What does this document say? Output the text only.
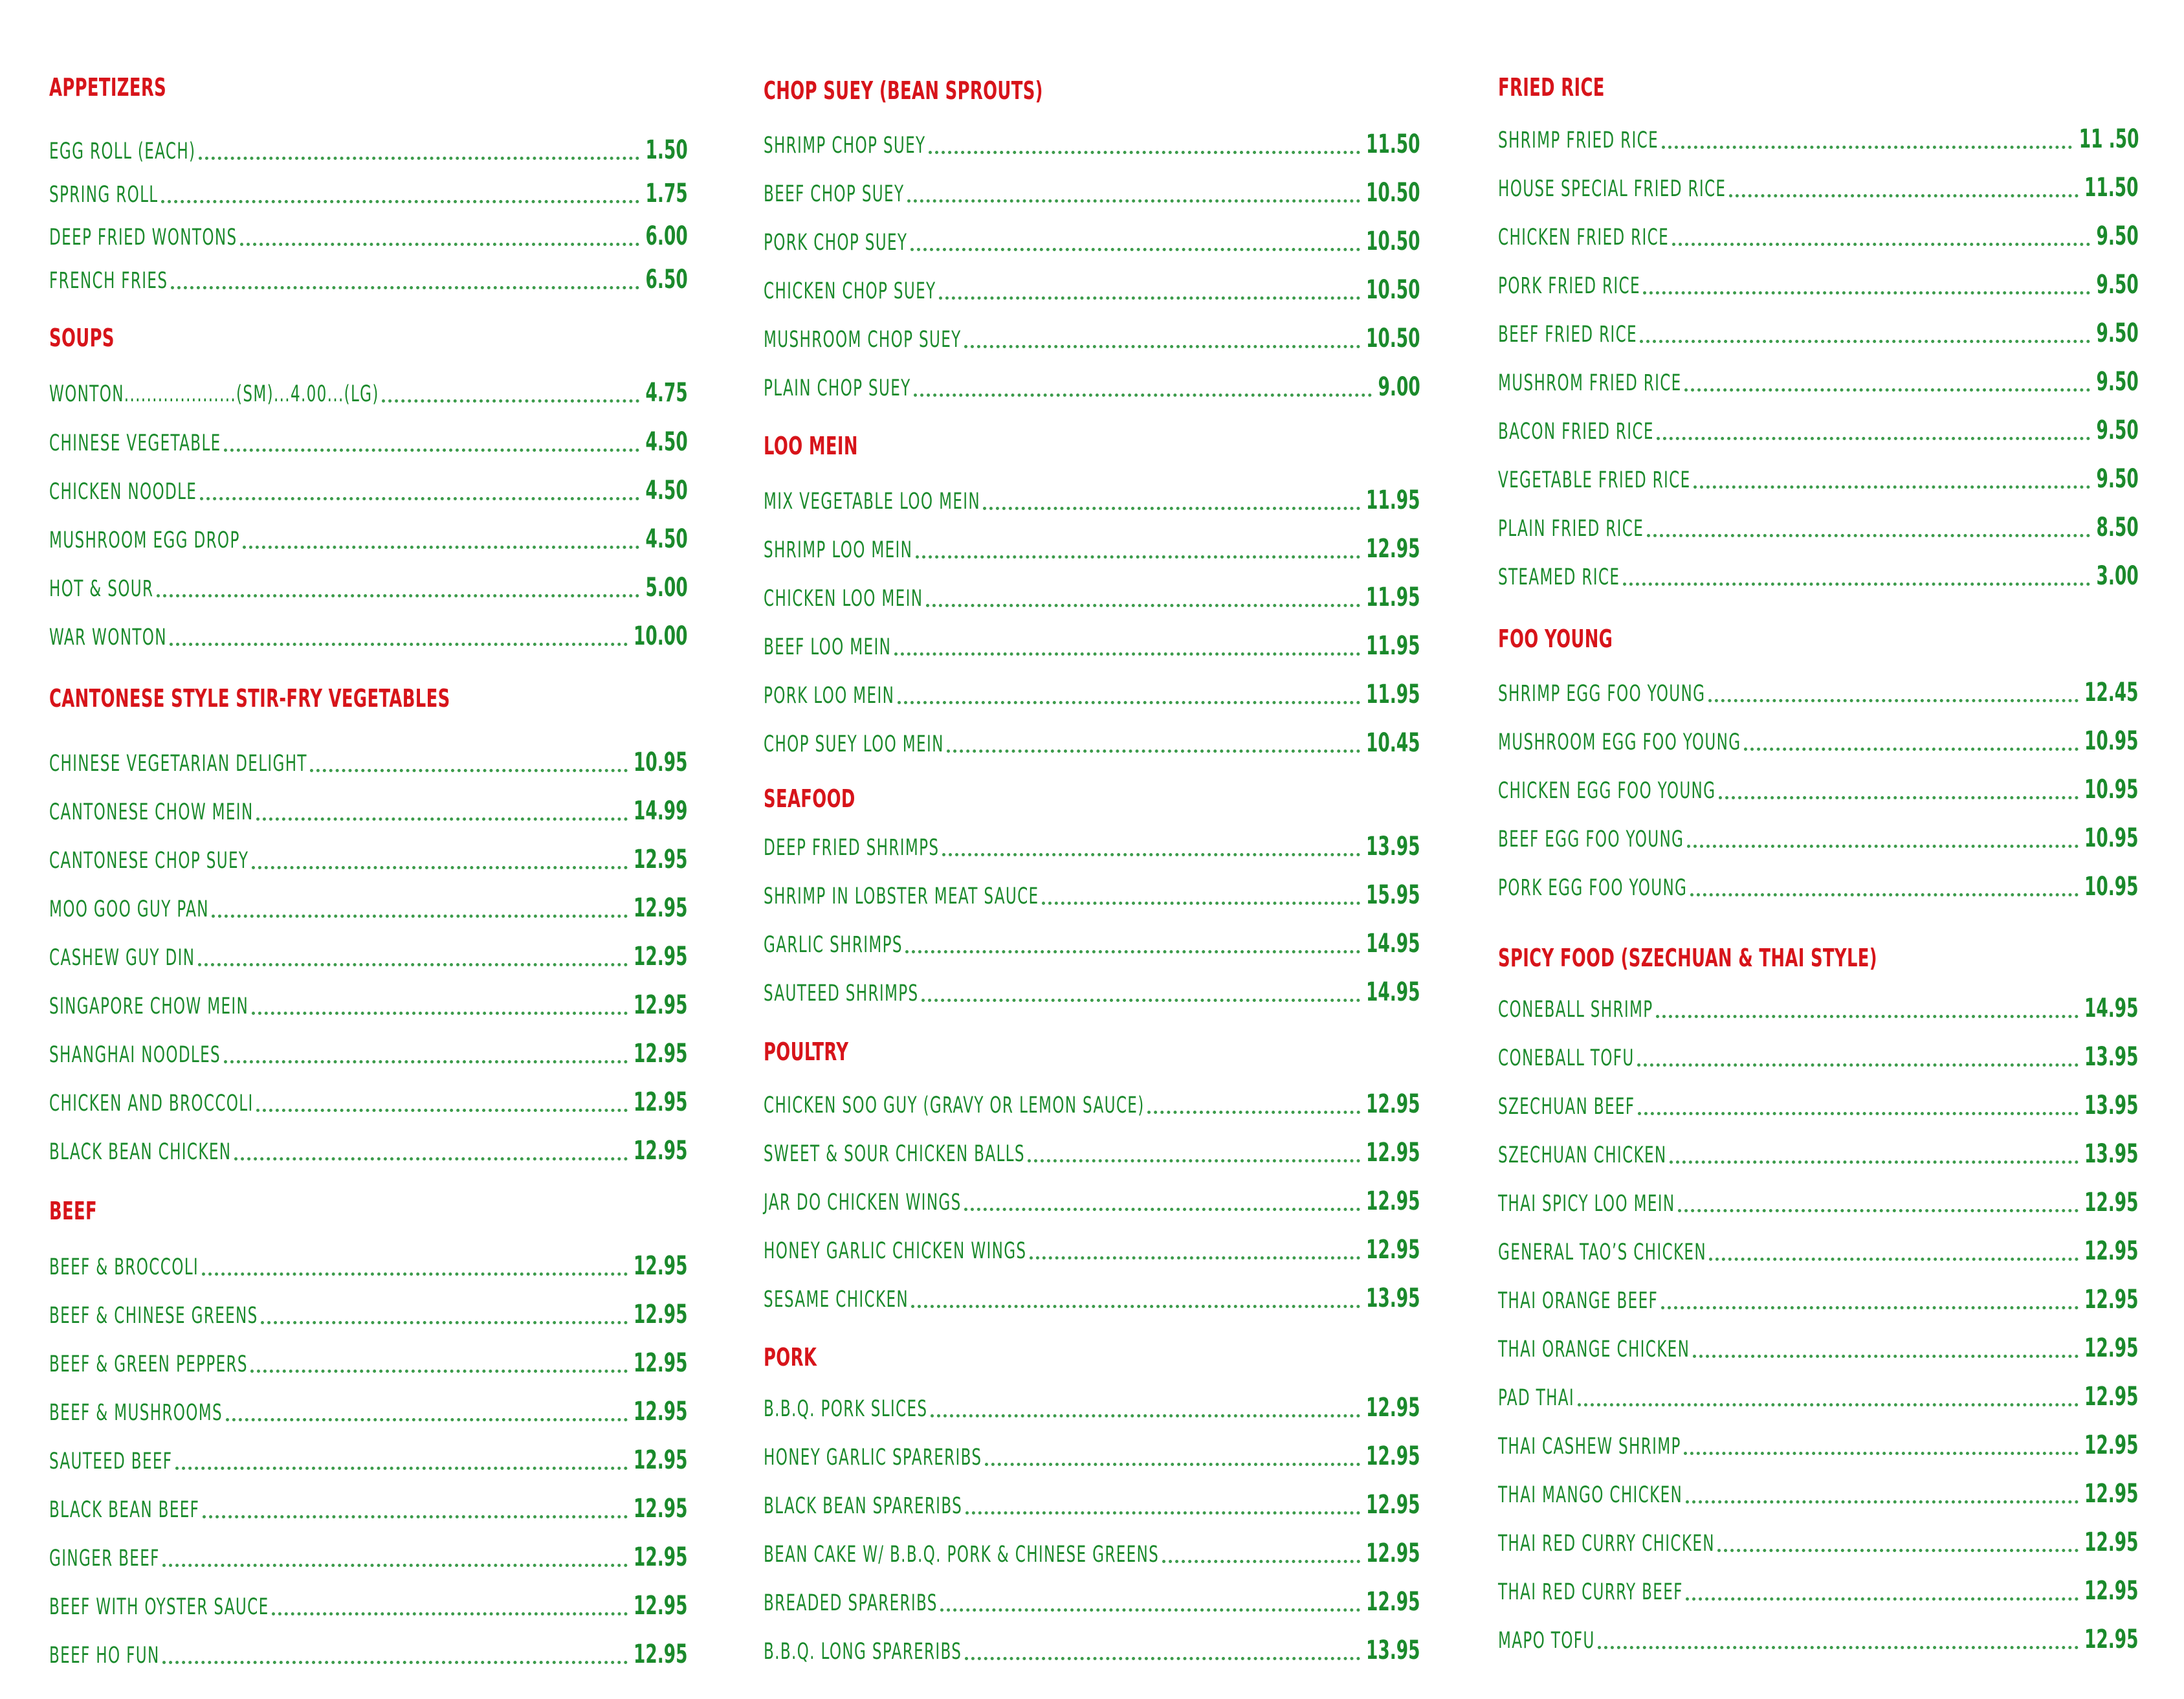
APPETIZERS
EGG ROLL (EACH)	1.50
SPRING ROLL	1.75
DEEP FRIED WONTONS	6.00
FRENCH FRIES	6.50
SOUPS
WONTON....................(SM)...4.00...(LG)	4.75
CHINESE VEGETABLE	4.50
CHICKEN NOODLE	4.50
MUSHROOM EGG DROP	4.50
HOT & SOUR	5.00
WAR WONTON	10.00
CANTONESE STYLE STIR-FRY VEGETABLES
CHINESE VEGETARIAN DELIGHT	10.95
CANTONESE CHOW MEIN	14.99
CANTONESE CHOP SUEY	12.95
MOO GOO GUY PAN	12.95
CASHEW GUY DIN	12.95
SINGAPORE CHOW MEIN	12.95
SHANGHAI NOODLES	12.95
CHICKEN AND BROCCOLI	12.95
BLACK BEAN CHICKEN	12.95
BEEF
BEEF & BROCCOLI	12.95
BEEF & CHINESE GREENS	12.95
BEEF & GREEN PEPPERS	12.95
BEEF & MUSHROOMS	12.95
SAUTEED BEEF	12.95
BLACK BEAN BEEF	12.95
GINGER BEEF	12.95
BEEF WITH OYSTER SAUCE	12.95
BEEF HO FUN	12.95
CHOP SUEY (BEAN SPROUTS)
SHRIMP CHOP SUEY	11.50
BEEF CHOP SUEY	10.50
PORK CHOP SUEY	10.50
CHICKEN CHOP SUEY	10.50
MUSHROOM CHOP SUEY	10.50
PLAIN CHOP SUEY	9.00
LOO MEIN
MIX VEGETABLE LOO MEIN	11.95
SHRIMP LOO MEIN	12.95
CHICKEN LOO MEIN	11.95
BEEF LOO MEIN	11.95
PORK LOO MEIN	11.95
CHOP SUEY LOO MEIN	10.45
SEAFOOD
DEEP FRIED SHRIMPS	13.95
SHRIMP IN LOBSTER MEAT SAUCE	15.95
GARLIC SHRIMPS	14.95
SAUTEED SHRIMPS	14.95
POULTRY
CHICKEN SOO GUY (GRAVY OR LEMON SAUCE)	12.95
SWEET & SOUR CHICKEN BALLS	12.95
JAR DO CHICKEN WINGS	12.95
HONEY GARLIC CHICKEN WINGS	12.95
SESAME CHICKEN	13.95
PORK
B.B.Q. PORK SLICES	12.95
HONEY GARLIC SPARERIBS	12.95
BLACK BEAN SPARERIBS	12.95
BEAN CAKE W/ B.B.Q. PORK & CHINESE GREENS	12.95
BREADED SPARERIBS	12.95
B.B.Q. LONG SPARERIBS	13.95
FRIED RICE
SHRIMP FRIED RICE	11 .50
HOUSE SPECIAL FRIED RICE	11.50
CHICKEN FRIED RICE	9.50
PORK FRIED RICE	9.50
BEEF FRIED RICE	9.50
MUSHROM FRIED RICE	9.50
BACON FRIED RICE	9.50
VEGETABLE FRIED RICE	9.50
PLAIN FRIED RICE	8.50
STEAMED RICE	3.00
FOO YOUNG
SHRIMP EGG FOO YOUNG	12.45
MUSHROOM EGG FOO YOUNG	10.95
CHICKEN EGG FOO YOUNG	10.95
BEEF EGG FOO YOUNG	10.95
PORK EGG FOO YOUNG	10.95
SPICY FOOD (SZECHUAN & THAI STYLE)
CONEBALL SHRIMP	14.95
CONEBALL TOFU	13.95
SZECHUAN BEEF	13.95
SZECHUAN CHICKEN	13.95
THAI SPICY LOO MEIN	12.95
GENERAL TAO’S CHICKEN	12.95
THAI ORANGE BEEF	12.95
THAI ORANGE CHICKEN	12.95
PAD THAI	12.95
THAI CASHEW SHRIMP	12.95
THAI MANGO CHICKEN	12.95
THAI RED CURRY CHICKEN	12.95
THAI RED CURRY BEEF	12.95
MAPO TOFU	12.95
